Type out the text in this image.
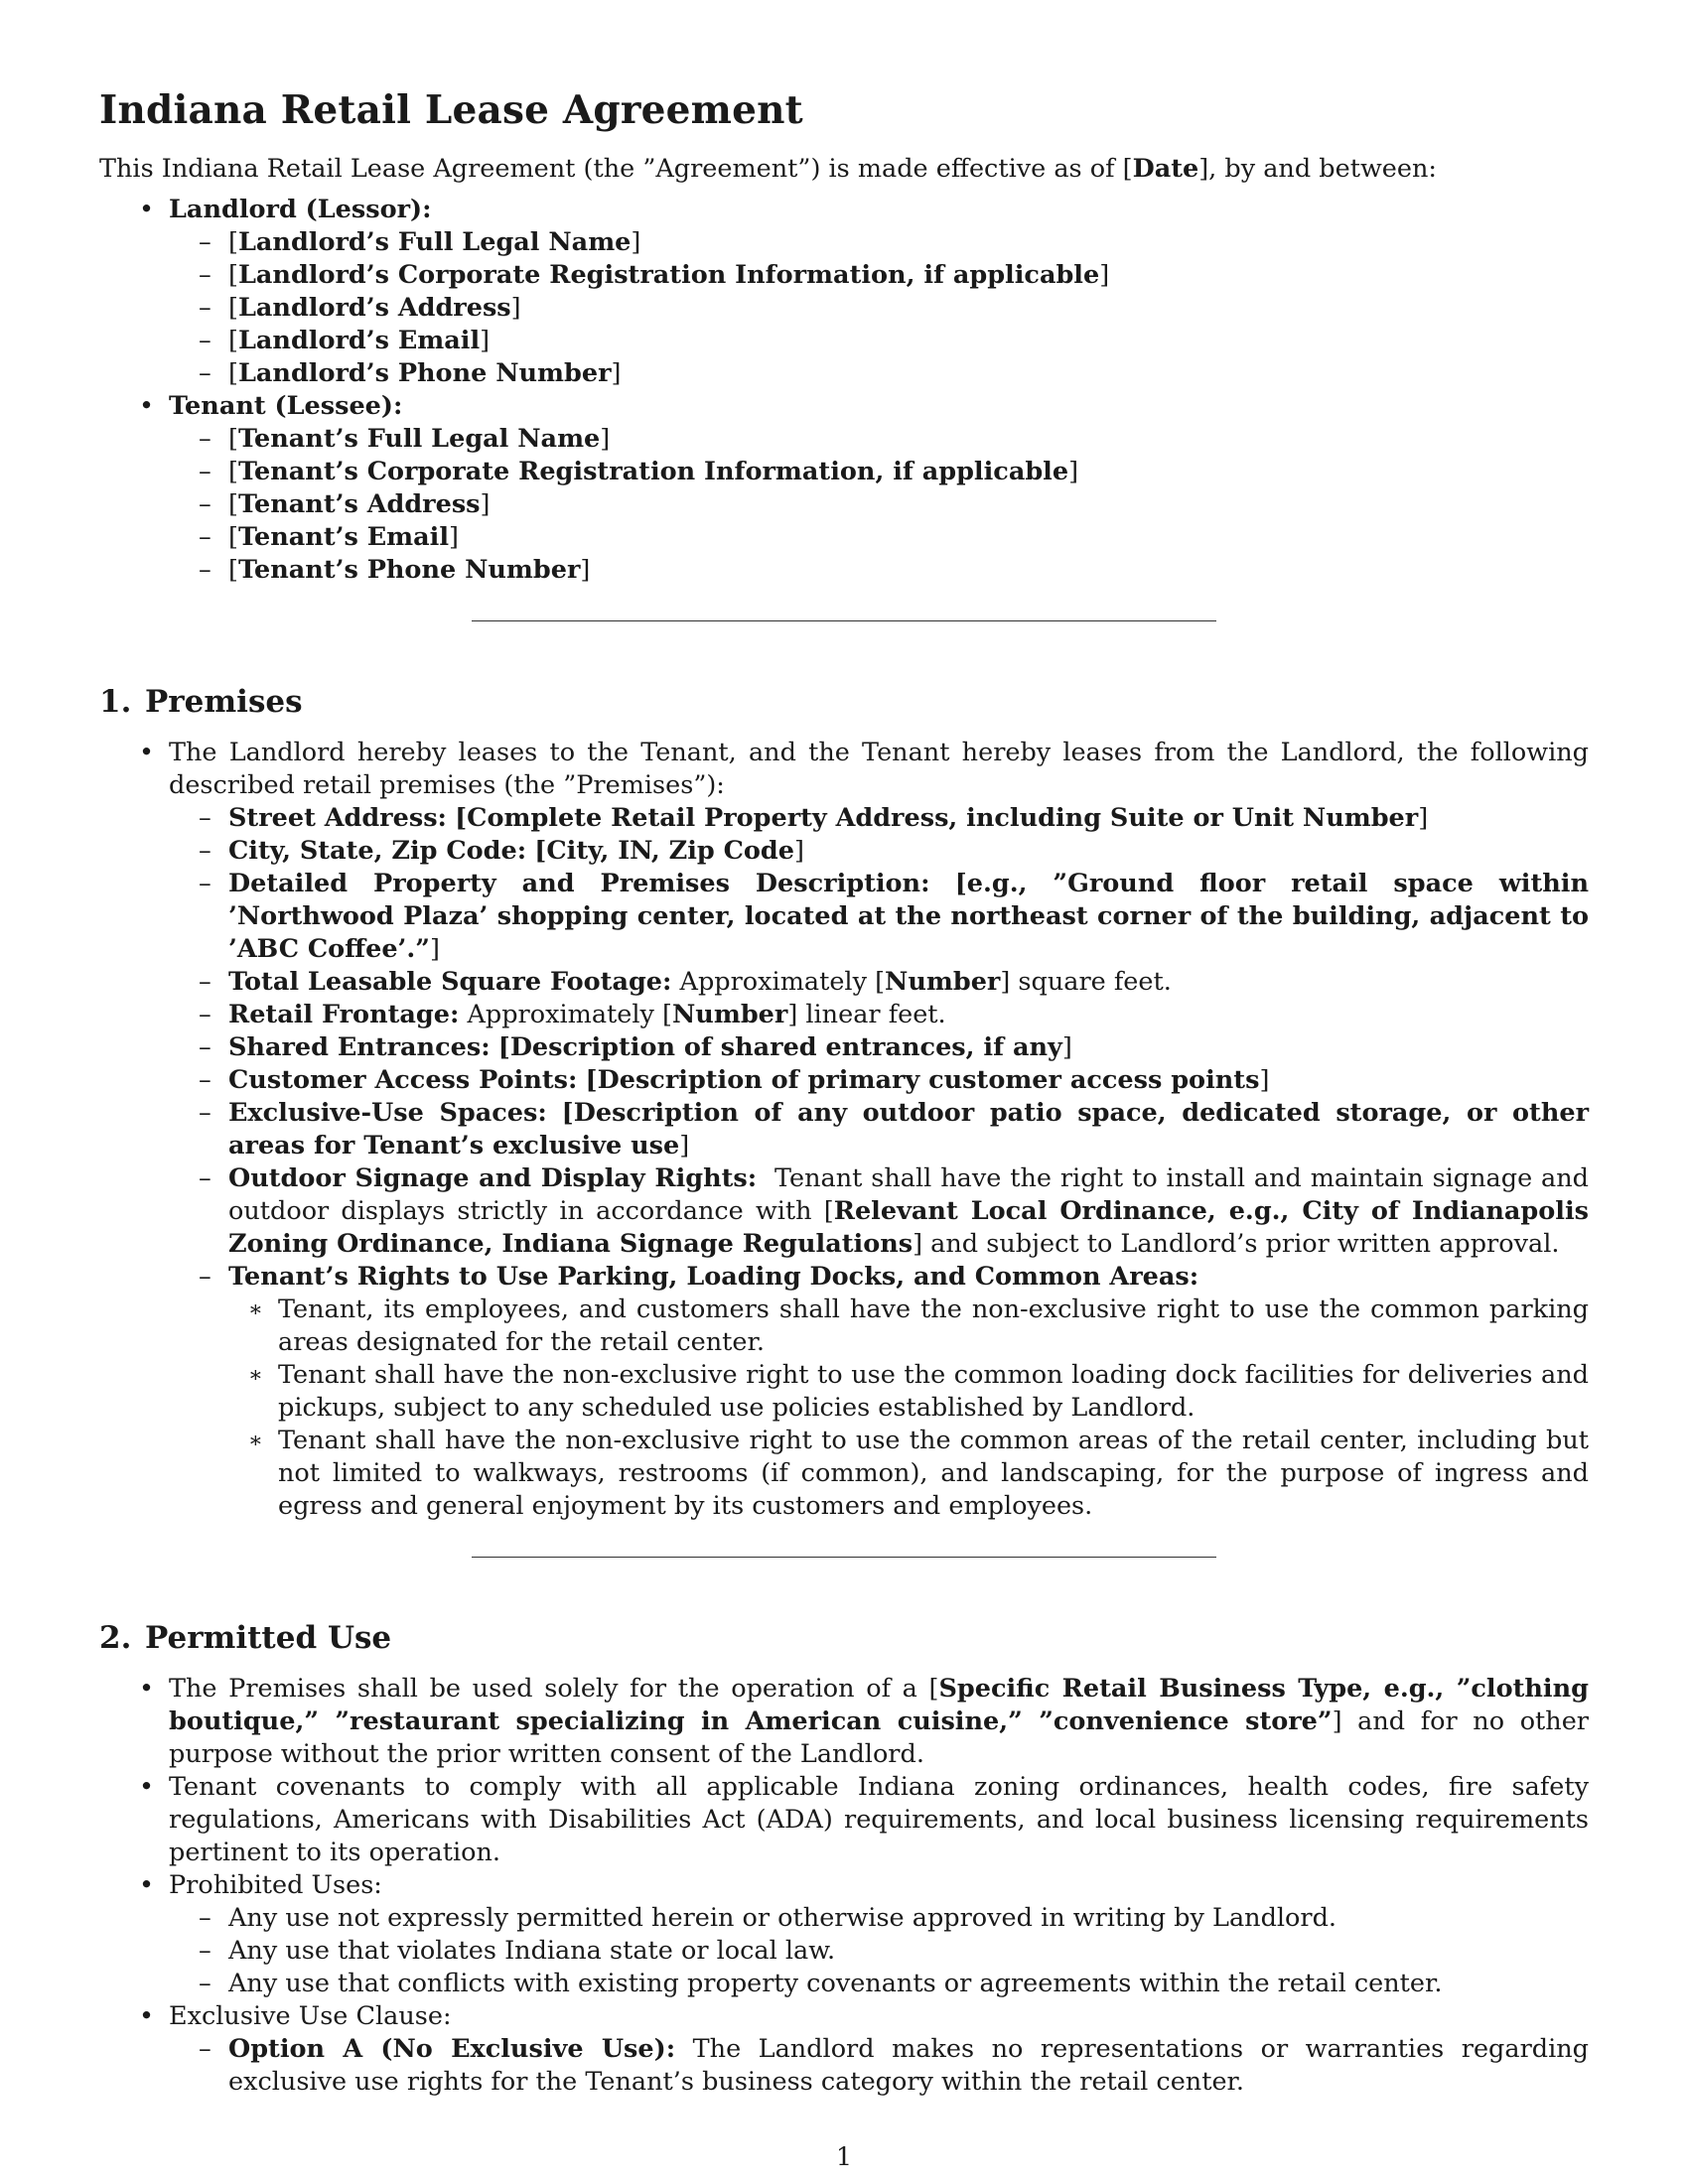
Indiana Retail Lease Agreement

This Indiana Retail Lease Agreement (the ”Agreement”) is made effective as of [Date], by and between:

• Landlord (Lessor):
– [Landlord’s Full Legal Name]
– [Landlord’s Corporate Registration Information, if applicable]
– [Landlord’s Address]
– [Landlord’s Email]
– [Landlord’s Phone Number]
• Tenant (Lessee):
– [Tenant’s Full Legal Name]
– [Tenant’s Corporate Registration Information, if applicable]
– [Tenant’s Address]
– [Tenant’s Email]
– [Tenant’s Phone Number]
1. Premises
• The Landlord hereby leases to the Tenant, and the Tenant hereby leases from the Landlord, the following described retail premises (the ”Premises”):
– Street Address: [Complete Retail Property Address, including Suite or Unit Number]
– City, State, Zip Code: [City, IN, Zip Code]
– Detailed Property and Premises Description: [e.g., ”Ground floor retail space within ’Northwood Plaza’ shopping center, located at the northeast corner of the building, adjacent to ’ABC Coffee’.”]
– Total Leasable Square Footage: Approximately [Number] square feet.
– Retail Frontage: Approximately [Number] linear feet.
– Shared Entrances: [Description of shared entrances, if any]
– Customer Access Points: [Description of primary customer access points]
– Exclusive-Use Spaces: [Description of any outdoor patio space, dedicated storage, or other areas for Tenant’s exclusive use]
– Outdoor Signage and Display Rights: Tenant shall have the right to install and maintain signage and outdoor displays strictly in accordance with [Relevant Local Ordinance, e.g., City of Indianapolis Zoning Ordinance, Indiana Signage Regulations] and subject to Landlord’s prior written approval.
– Tenant’s Rights to Use Parking, Loading Docks, and Common Areas:
∗ Tenant, its employees, and customers shall have the non-exclusive right to use the common parking areas designated for the retail center.
∗ Tenant shall have the non-exclusive right to use the common loading dock facilities for deliveries and pickups, subject to any scheduled use policies established by Landlord.
∗ Tenant shall have the non-exclusive right to use the common areas of the retail center, including but not limited to walkways, restrooms (if common), and landscaping, for the purpose of ingress and egress and general enjoyment by its customers and employees.
2. Permitted Use
• The Premises shall be used solely for the operation of a [Specific Retail Business Type, e.g., ”clothing boutique,” ”restaurant specializing in American cuisine,” ”convenience store”] and for no other purpose without the prior written consent of the Landlord.
• Tenant covenants to comply with all applicable Indiana zoning ordinances, health codes, fire safety regulations, Americans with Disabilities Act (ADA) requirements, and local business licensing requirements pertinent to its operation.
• Prohibited Uses:
– Any use not expressly permitted herein or otherwise approved in writing by Landlord.
– Any use that violates Indiana state or local law.
– Any use that conflicts with existing property covenants or agreements within the retail center.
• Exclusive Use Clause:
– Option A (No Exclusive Use): The Landlord makes no representations or warranties regarding exclusive use rights for the Tenant’s business category within the retail center.
1
